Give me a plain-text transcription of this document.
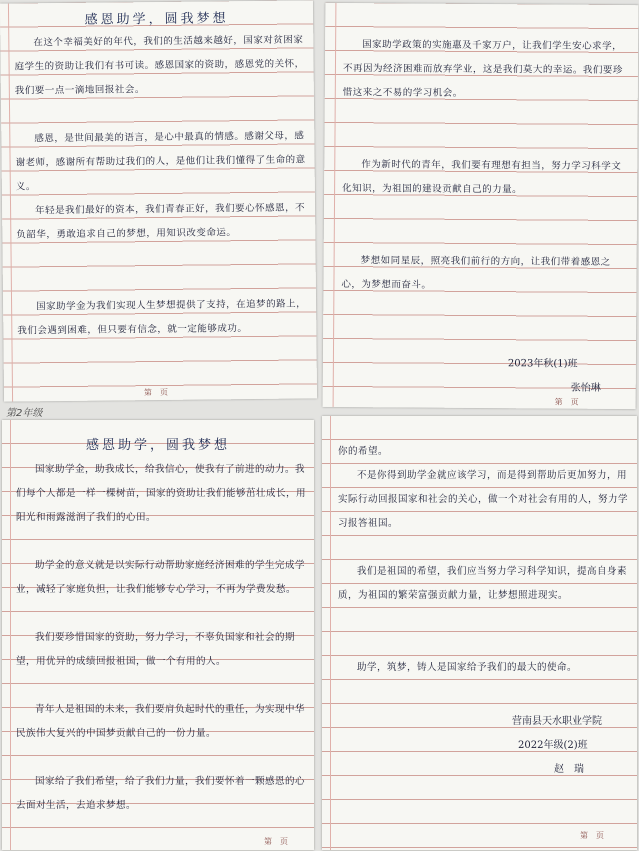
感恩助学，圆我梦想

在这个幸福美好的年代，我们的生活越来越好，国家对贫困家庭学生的资助让我们有书可读。感恩国家的资助，感恩党的关怀，我们要一点一滴地回报社会。

感恩，是世间最美的语言，是心中最真的情感。感谢父母，感谢老师，感谢所有帮助过我们的人，是他们让我们懂得了生命的意义。

年轻是我们最好的资本，我们青春正好，我们要心怀感恩，不负韶华，勇敢追求自己的梦想，用知识改变命运。

国家助学金为我们实现人生梦想提供了支持，在追梦的路上，我们会遇到困难，但只要有信念，就一定能够成功。

第　页

国家助学政策的实施惠及千家万户，让我们学生安心求学，不再因为经济困难而放弃学业，这是我们莫大的幸运。我们要珍惜这来之不易的学习机会。

作为新时代的青年，我们要有理想有担当，努力学习科学文化知识，为祖国的建设贡献自己的力量。

梦想如同星辰，照亮我们前行的方向，让我们带着感恩之心，为梦想而奋斗。

2023年秋(1)班
张怡琳
第　页
第2年级
感恩助学，圆我梦想

国家助学金，助我成长，给我信心，使我有了前进的动力。我们每个人都是一样一棵树苗，国家的资助让我们能够茁壮成长，用阳光和雨露滋润了我们的心田。

助学金的意义就是以实际行动帮助家庭经济困难的学生完成学业，减轻了家庭负担，让我们能够专心学习，不再为学费发愁。

我们要珍惜国家的资助，努力学习，不辜负国家和社会的期望，用优异的成绩回报祖国，做一个有用的人。

青年人是祖国的未来，我们要肩负起时代的重任，为实现中华民族伟大复兴的中国梦贡献自己的一份力量。

国家给了我们希望，给了我们力量，我们要怀着一颗感恩的心去面对生活，去追求梦想。

第　页

你的希望。

不是你得到助学金就应该学习，而是得到帮助后更加努力，用实际行动回报国家和社会的关心，做一个对社会有用的人，努力学习报答祖国。

我们是祖国的希望，我们应当努力学习科学知识，提高自身素质，为祖国的繁荣富强贡献力量，让梦想照进现实。

助学，筑梦，铸人是国家给予我们的最大的使命。

营南县天水职业学院
2022年级(2)班
赵　瑞
第　页
